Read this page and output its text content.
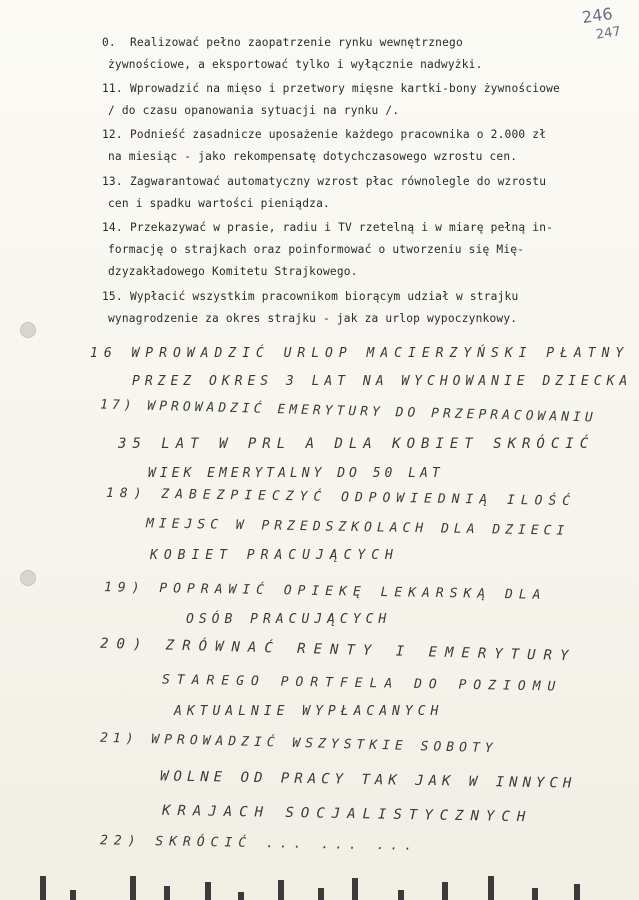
246
247
0. Realizować pełno zaopatrzenie rynku wewnętrznego
żywnościowe, a eksportować tylko i wyłącznie nadwyżki.
11. Wprowadzić na mięso i przetwory mięsne kartki-bony żywnościowe
/ do czasu opanowania sytuacji na rynku /.
12. Podnieść zasadnicze uposażenie każdego pracownika o 2.000 zł
na miesiąc - jako rekompensatę dotychczasowego wzrostu cen.
13. Zagwarantować automatyczny wzrost płac równolegle do wzrostu
cen i spadku wartości pieniądza.
14. Przekazywać w prasie, radiu i TV rzetelną i w miarę pełną in-
formację o strajkach oraz poinformować o utworzeniu się Mię-
dzyzakładowego Komitetu Strajkowego.
15. Wypłacić wszystkim pracownikom biorącym udział w strajku
wynagrodzenie za okres strajku - jak za urlop wypoczynkowy.
16 WPROWADZIĆ URLOP MACIERZYŃSKI PŁATNY
PRZEZ OKRES 3 LAT NA WYCHOWANIE DZIECKA
17) WPROWADZIĆ EMERYTURY DO PRZEPRACOWANIU
35 LAT W PRL A DLA KOBIET SKRÓCIĆ
WIEK EMERYTALNY DO 50 LAT
18) ZABEZPIECZYĆ ODPOWIEDNIĄ ILOŚĆ
MIEJSC W PRZEDSZKOLACH DLA DZIECI
KOBIET PRACUJĄCYCH
19) POPRAWIĆ OPIEKĘ LEKARSKĄ DLA
OSÓB PRACUJĄCYCH
20) ZRÓWNAĆ RENTY I EMERYTURY
STAREGO PORTFELA DO POZIOMU
AKTUALNIE WYPŁACANYCH
21) WPROWADZIĆ WSZYSTKIE SOBOTY
WOLNE OD PRACY TAK JAK W INNYCH
KRAJACH SOCJALISTYCZNYCH
22) SKRÓCIĆ ... ... ...
